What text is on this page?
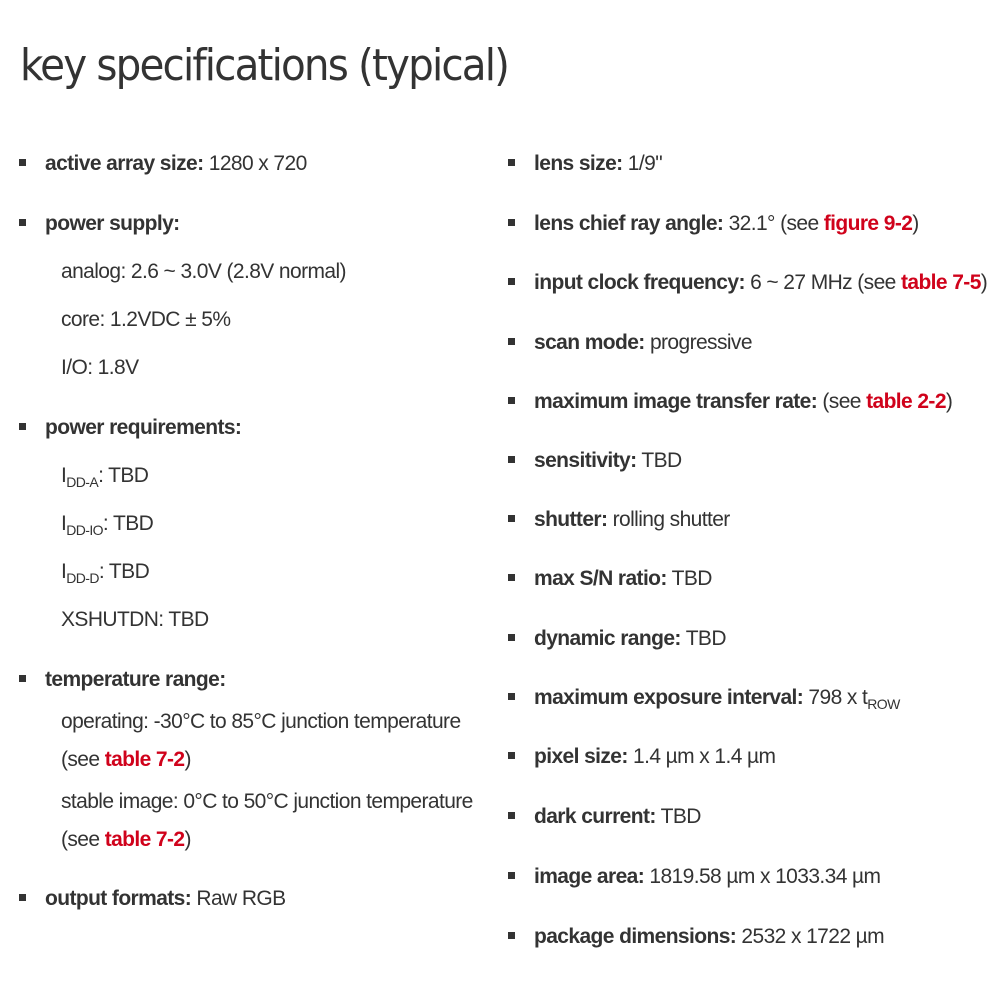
key specifications (typical)
active array size: 1280 x 720
power supply:
analog: 2.6 ~ 3.0V (2.8V normal)
core: 1.2VDC ± 5%
I/O: 1.8V
power requirements:
$I_{DD-A}$: TBD
$I_{DD-IO}$: TBD
$I_{DD-D}$: TBD
XSHUTDN: TBD
temperature range:
operating: -30°C to 85°C junction temperature
(see table 7-2)
stable image: 0°C to 50°C junction temperature
(see table 7-2)
output formats: Raw RGB
lens size: 1/9"
lens chief ray angle: 32.1° (see figure 9-2)
input clock frequency: 6 ~ 27 MHz (see table 7-5)
scan mode: progressive
maximum image transfer rate: (see table 2-2)
sensitivity: TBD
shutter: rolling shutter
max S/N ratio: TBD
dynamic range: TBD
maximum exposure interval: 798 x $t_{ROW}$
pixel size: 1.4 µm x 1.4 µm
dark current: TBD
image area: 1819.58 µm x 1033.34 µm
package dimensions: 2532 x 1722 µm
